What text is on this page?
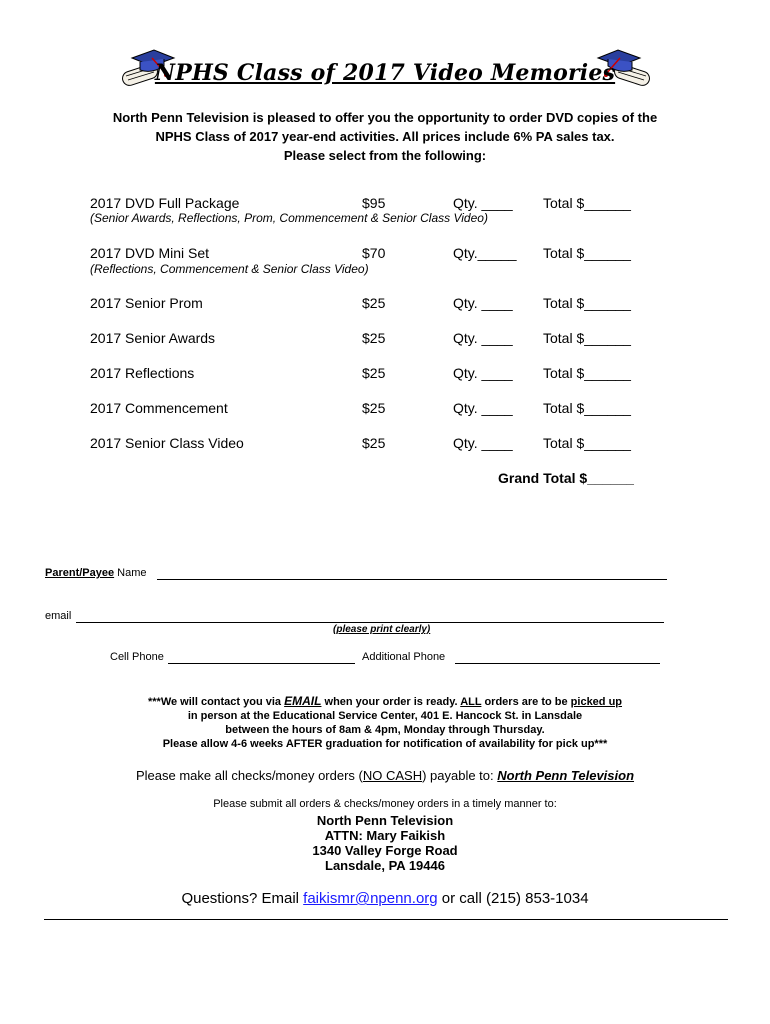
NPHS Class of 2017 Video Memories
North Penn Television is pleased to offer you the opportunity to order DVD copies of the
NPHS Class of 2017 year-end activities. All prices include 6% PA sales tax.
Please select from the following:
2017 DVD Full Package	$95	Qty. ____ Total $______
(Senior Awards, Reflections, Prom, Commencement & Senior Class Video)
2017 DVD Mini Set	$70	Qty._____ Total $______
(Reflections, Commencement & Senior Class Video)
2017 Senior Prom	$25	Qty. ____ Total $______
2017 Senior Awards	$25	Qty. ____ Total $______
2017 Reflections	$25	Qty. ____ Total $______
2017 Commencement	$25	Qty. ____ Total $______
2017 Senior Class Video	$25	Qty. ____ Total $______
Grand Total $______
Parent/Payee Name
email
(please print clearly)
Cell Phone	Additional Phone
***We will contact you via EMAIL when your order is ready. ALL orders are to be picked up
in person at the Educational Service Center, 401 E. Hancock St. in Lansdale
between the hours of 8am & 4pm, Monday through Thursday.
Please allow 4-6 weeks AFTER graduation for notification of availability for pick up***
Please make all checks/money orders (NO CASH) payable to: North Penn Television
Please submit all orders & checks/money orders in a timely manner to:
North Penn Television
ATTN: Mary Faikish
1340 Valley Forge Road
Lansdale, PA 19446
Questions? Email faikismr@npenn.org or call (215) 853-1034
